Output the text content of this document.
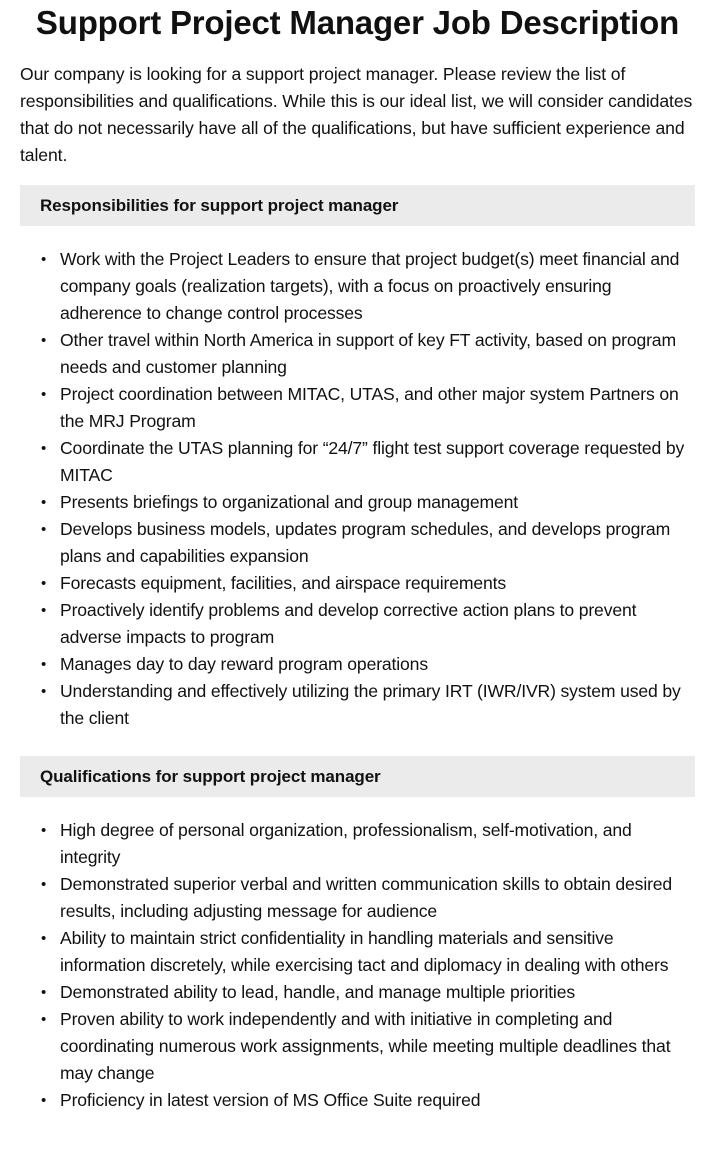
Support Project Manager Job Description

Our company is looking for a support project manager. Please review the list of responsibilities and qualifications. While this is our ideal list, we will consider candidates that do not necessarily have all of the qualifications, but have sufficient experience and talent.

Responsibilities for support project manager
• Work with the Project Leaders to ensure that project budget(s) meet financial and company goals (realization targets), with a focus on proactively ensuring adherence to change control processes
• Other travel within North America in support of key FT activity, based on program needs and customer planning
• Project coordination between MITAC, UTAS, and other major system Partners on the MRJ Program
• Coordinate the UTAS planning for “24/7” flight test support coverage requested by MITAC
• Presents briefings to organizational and group management
• Develops business models, updates program schedules, and develops program plans and capabilities expansion
• Forecasts equipment, facilities, and airspace requirements
• Proactively identify problems and develop corrective action plans to prevent adverse impacts to program
• Manages day to day reward program operations
• Understanding and effectively utilizing the primary IRT (IWR/IVR) system used by the client
Qualifications for support project manager
• High degree of personal organization, professionalism, self-motivation, and integrity
• Demonstrated superior verbal and written communication skills to obtain desired results, including adjusting message for audience
• Ability to maintain strict confidentiality in handling materials and sensitive information discretely, while exercising tact and diplomacy in dealing with others
• Demonstrated ability to lead, handle, and manage multiple priorities
• Proven ability to work independently and with initiative in completing and coordinating numerous work assignments, while meeting multiple deadlines that may change
• Proficiency in latest version of MS Office Suite required
